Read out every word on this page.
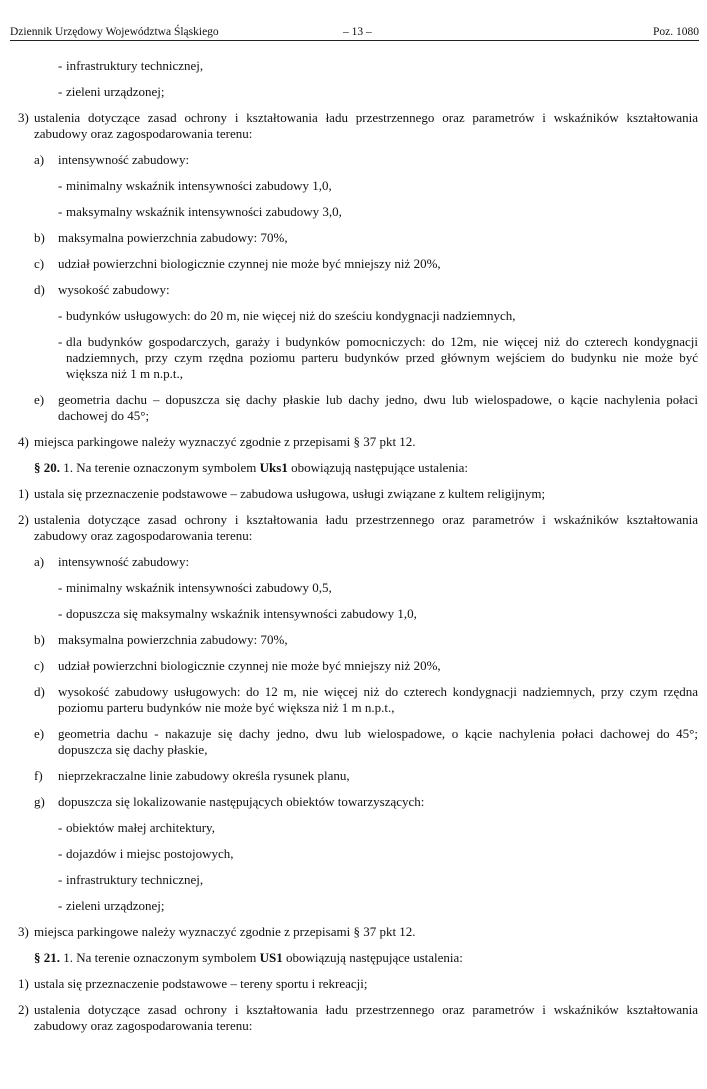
Dziennik Urzędowy Województwa Śląskiego	– 13 –	Poz. 1080
- infrastruktury technicznej,
- zieleni urządzonej;
3) ustalenia dotyczące zasad ochrony i kształtowania ładu przestrzennego oraz parametrów i wskaźników kształtowania zabudowy oraz zagospodarowania terenu:
a) intensywność zabudowy:
- minimalny wskaźnik intensywności zabudowy 1,0,
- maksymalny wskaźnik intensywności zabudowy 3,0,
b) maksymalna powierzchnia zabudowy: 70%,
c) udział powierzchni biologicznie czynnej nie może być mniejszy niż 20%,
d) wysokość zabudowy:
- budynków usługowych: do 20 m, nie więcej niż do sześciu kondygnacji nadziemnych,
- dla budynków gospodarczych, garaży i budynków pomocniczych: do 12m, nie więcej niż do czterech kondygnacji nadziemnych, przy czym rzędna poziomu parteru budynków przed głównym wejściem do budynku nie może być większa niż 1 m n.p.t.,
e) geometria dachu – dopuszcza się dachy płaskie lub dachy jedno, dwu lub wielospadowe, o kącie nachylenia połaci dachowej do 45°;
4) miejsca parkingowe należy wyznaczyć zgodnie z przepisami § 37 pkt 12.
§ 20. 1. Na terenie oznaczonym symbolem Uks1 obowiązują następujące ustalenia:
1) ustala się przeznaczenie podstawowe – zabudowa usługowa, usługi związane z kultem religijnym;
2) ustalenia dotyczące zasad ochrony i kształtowania ładu przestrzennego oraz parametrów i wskaźników kształtowania zabudowy oraz zagospodarowania terenu:
a) intensywność zabudowy:
- minimalny wskaźnik intensywności zabudowy 0,5,
- dopuszcza się maksymalny wskaźnik intensywności zabudowy 1,0,
b) maksymalna powierzchnia zabudowy: 70%,
c) udział powierzchni biologicznie czynnej nie może być mniejszy niż 20%,
d) wysokość zabudowy usługowych: do 12 m, nie więcej niż do czterech kondygnacji nadziemnych, przy czym rzędna poziomu parteru budynków nie może być większa niż 1 m n.p.t.,
e) geometria dachu - nakazuje się dachy jedno, dwu lub wielospadowe, o kącie nachylenia połaci dachowej do 45°; dopuszcza się dachy płaskie,
f) nieprzekraczalne linie zabudowy określa rysunek planu,
g) dopuszcza się lokalizowanie następujących obiektów towarzyszących:
- obiektów małej architektury,
- dojazdów i miejsc postojowych,
- infrastruktury technicznej,
- zieleni urządzonej;
3) miejsca parkingowe należy wyznaczyć zgodnie z przepisami § 37 pkt 12.
§ 21. 1. Na terenie oznaczonym symbolem US1 obowiązują następujące ustalenia:
1) ustala się przeznaczenie podstawowe – tereny sportu i rekreacji;
2) ustalenia dotyczące zasad ochrony i kształtowania ładu przestrzennego oraz parametrów i wskaźników kształtowania zabudowy oraz zagospodarowania terenu:
